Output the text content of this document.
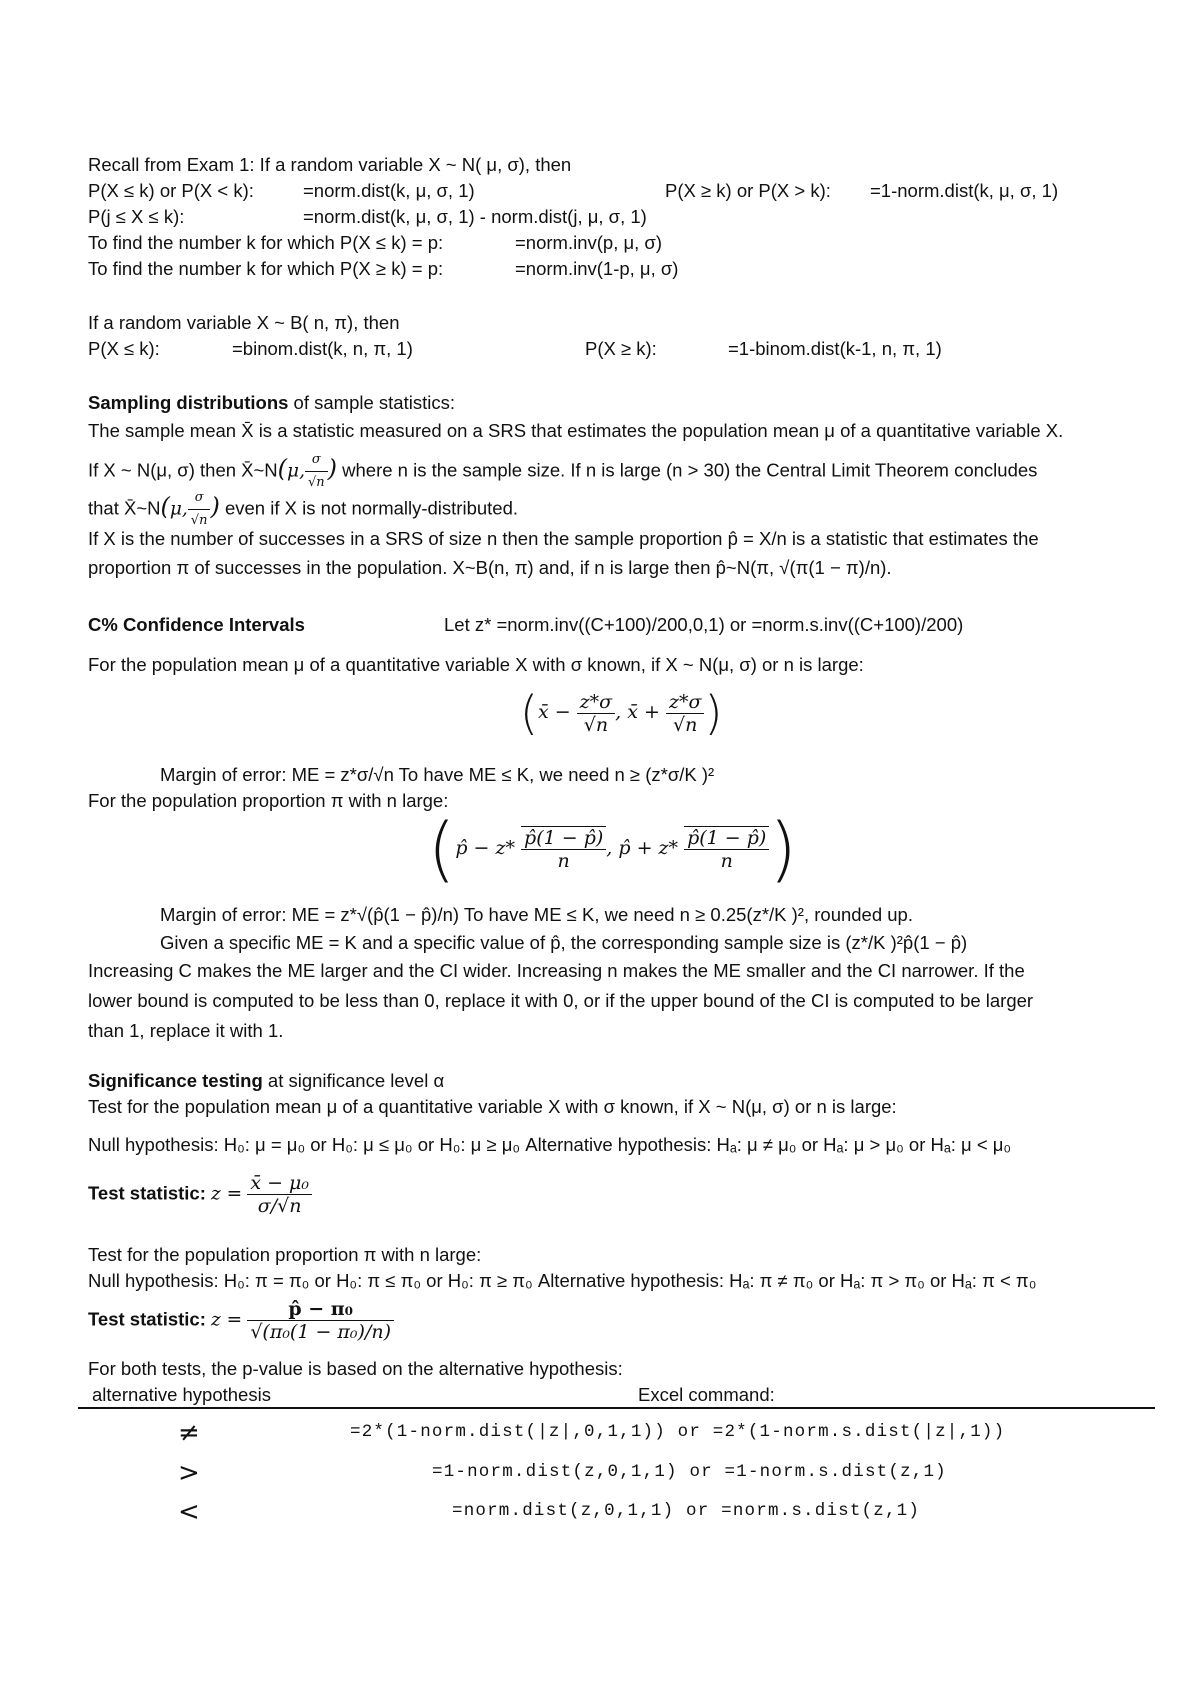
Recall from Exam 1: If a random variable X ~ N( μ, σ), then
P(X ≤ k) or P(X < k):	=norm.dist(k, μ, σ, 1)	P(X ≥ k) or P(X > k): =1-norm.dist(k, μ, σ, 1)
P(j ≤ X ≤ k):	=norm.dist(k, μ, σ, 1) - norm.dist(j, μ, σ, 1)
To find the number k for which P(X ≤ k) = p:	=norm.inv(p, μ, σ)
To find the number k for which P(X ≥ k) = p:	=norm.inv(1-p, μ, σ)
If a random variable X ~ B( n, π), then
P(X ≤ k):	=binom.dist(k, n, π, 1)	P(X ≥ k):	=1-binom.dist(k-1, n, π, 1)
Sampling distributions of sample statistics:
The sample mean X̄ is a statistic measured on a SRS that estimates the population mean μ of a quantitative variable X.
If X ~ N(μ, σ) then X̄~N(μ, $\frac{\sigma}{√n}$ ) where n is the sample size. If n is large (n > 30) the Central Limit Theorem concludes
that X̄~N(μ, $\frac{\sigma}{√n}$ ) even if X is not normally-distributed.
If X is the number of successes in a SRS of size n then the sample proportion p̂ = X/n is a statistic that estimates the
proportion π of successes in the population. X~B(n, π) and, if n is large then p̂~N(π, √(π(1 − π)/n).
C% Confidence Intervals	Let z* =norm.inv((C+100)/200,0,1) or =norm.s.inv((C+100)/200)
For the population mean μ of a quantitative variable X with σ known, if X ~ N(μ, σ) or n is large:
(x̄ − $\frac{z*\sigma}{√n}$ , x̄ + $\frac{z*\sigma}{√n}$ )
Margin of error: ME = z*σ/√n To have ME ≤ K, we need n ≥ (z*σ/K )²
For the population proportion π with n large:
(p̂ − $z* \frac{p̂(1 - p̂)}{n}$ , p̂ + $z* \frac{p̂(1 - p̂)}{n}$ )
Margin of error: ME = z*√(p̂(1 − p̂)/n) To have ME ≤ K, we need n ≥ 0.25(z*/K )², rounded up.
Given a specific ME = K and a specific value of p̂, the corresponding sample size is (z*/K )²p̂(1 − p̂)
Increasing C makes the ME larger and the CI wider. Increasing n makes the ME smaller and the CI narrower. If the
lower bound is computed to be less than 0, replace it with 0, or if the upper bound of the CI is computed to be larger
than 1, replace it with 1.
Significance testing at significance level α
Test for the population mean μ of a quantitative variable X with σ known, if X ~ N(μ, σ) or n is large:
Null hypothesis: H₀: μ = μ₀ or H₀: μ ≤ μ₀ or H₀: μ ≥ μ₀ Alternative hypothesis: Hₐ: μ ≠ μ₀ or Hₐ: μ > μ₀ or Hₐ: μ < μ₀
Test statistic: $z = \frac{\text{x̄ − μ₀}}{\sigma/√n}$
Test for the population proportion π with n large:
Null hypothesis: H₀: π = π₀ or H₀: π ≤ π₀ or H₀: π ≥ π₀ Alternative hypothesis: Hₐ: π ≠ π₀ or Hₐ: π > π₀ or Hₐ: π < π₀
Test statistic: $z = \frac{\text{p̂ − π₀}}{\text{√(π₀(1 − π₀)/n)}}$
For both tests, the p-value is based on the alternative hypothesis:
alternative hypothesis	Excel command:
≠	=2*(1-norm.dist(|z|,0,1,1)) or =2*(1-norm.s.dist(|z|,1))
>	=1-norm.dist(z,0,1,1) or =1-norm.s.dist(z,1)
<	=norm.dist(z,0,1,1) or =norm.s.dist(z,1)
